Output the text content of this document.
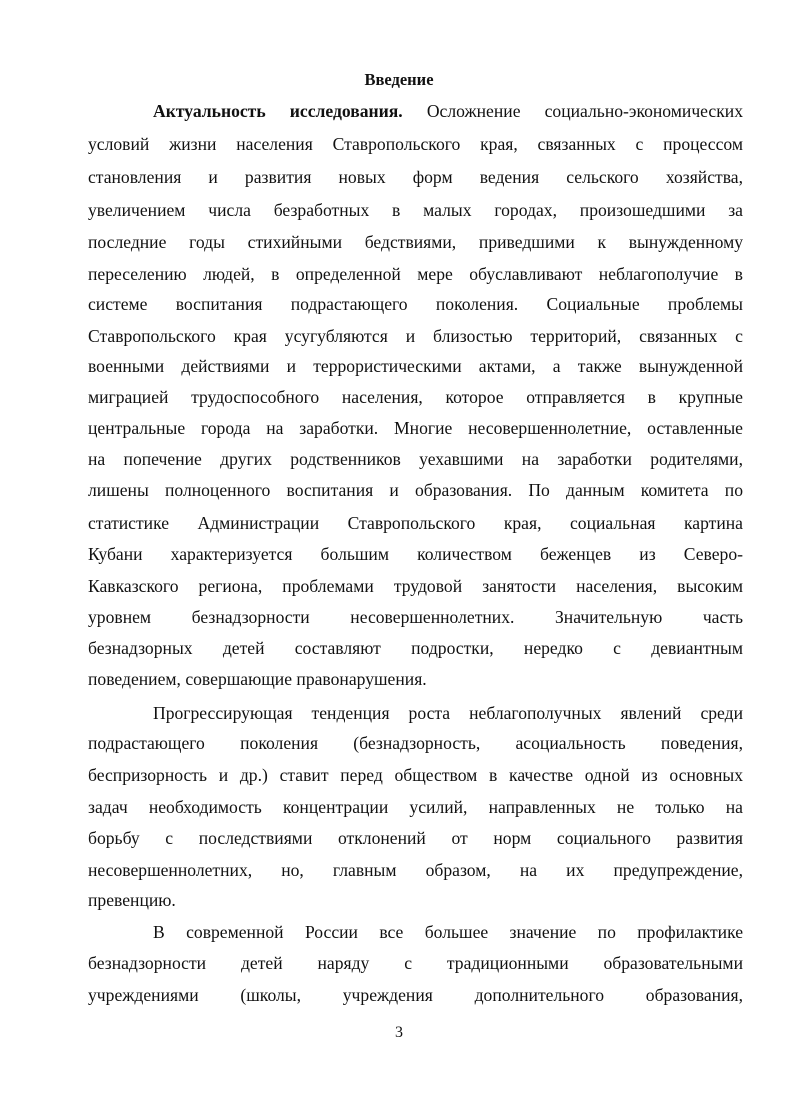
Введение
Актуальность исследования. Осложнение социально-экономических
условий жизни населения Ставропольского края, связанных с процессом
становления и развития новых форм ведения сельского хозяйства,
увеличением числа безработных в малых городах, произошедшими за
последние годы стихийными бедствиями, приведшими к вынужденному
переселению людей, в определенной мере обуславливают неблагополучие в
системе воспитания подрастающего поколения. Социальные проблемы
Ставропольского края усугубляются и близостью территорий, связанных с
военными действиями и террористическими актами, а также вынужденной
миграцией трудоспособного населения, которое отправляется в крупные
центральные города на заработки. Многие несовершеннолетние, оставленные
на попечение других родственников уехавшими на заработки родителями,
лишены полноценного воспитания и образования. По данным комитета по
статистике Администрации Ставропольского края, социальная картина
Кубани характеризуется большим количеством беженцев из Северо-
Кавказского региона, проблемами трудовой занятости населения, высоким
уровнем безнадзорности несовершеннолетних. Значительную часть
безнадзорных детей составляют подростки, нередко с девиантным
поведением, совершающие правонарушения.
Прогрессирующая тенденция роста неблагополучных явлений среди
подрастающего поколения (безнадзорность, асоциальность поведения,
беспризорность и др.) ставит перед обществом в качестве одной из основных
задач необходимость концентрации усилий, направленных не только на
борьбу с последствиями отклонений от норм социального развития
несовершеннолетних, но, главным образом, на их предупреждение,
превенцию.
В современной России все большее значение по профилактике
безнадзорности детей наряду с традиционными образовательными
учреждениями (школы, учреждения дополнительного образования,
3
